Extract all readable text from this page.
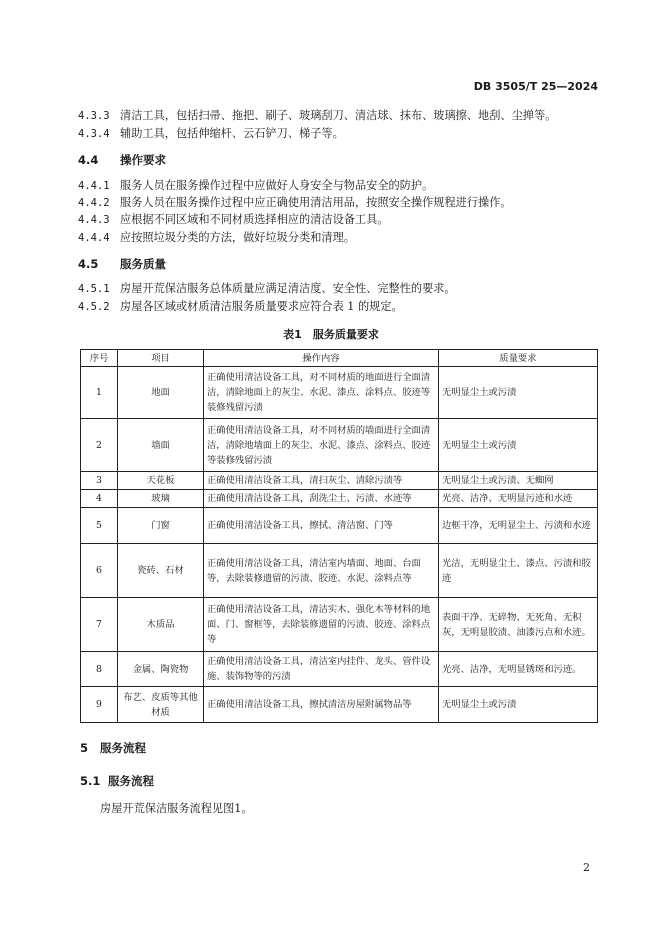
DB 3505/T 25—2024
4.3.3 清洁工具，包括扫帚、拖把、刷子、玻璃刮刀、清洁球、抹布、玻璃擦、地刮、尘掸等。
4.3.4 辅助工具，包括伸缩杆、云石铲刀、梯子等。
4.4 操作要求
4.4.1 服务人员在服务操作过程中应做好人身安全与物品安全的防护。
4.4.2 服务人员在服务操作过程中应正确使用清洁用品，按照安全操作规程进行操作。
4.4.3 应根据不同区域和不同材质选择相应的清洁设备工具。
4.4.4 应按照垃圾分类的方法，做好垃圾分类和清理。
4.5 服务质量
4.5.1 房屋开荒保洁服务总体质量应满足清洁度、安全性、完整性的要求。
4.5.2 房屋各区域或材质清洁服务质量要求应符合表 1 的规定。
表1　服务质量要求
序号	项目	操作内容	质量要求
1	地面	正确使用清洁设备工具，对不同材质的地面进行全面清洁，清除地面上的灰尘、水泥、漆点、涂料点、胶迹等装修残留污渍	无明显尘土或污渍
2	墙面	正确使用清洁设备工具，对不同材质的墙面进行全面清洁，清除地墙面上的灰尘、水泥、漆点、涂料点、胶迹等装修残留污渍	无明显尘土或污渍
3	天花板	正确使用清洁设备工具，清扫灰尘、清除污渍等	无明显尘土或污渍、无蜘网
4	玻璃	正确使用清洁设备工具，刮洗尘土、污渍、水迹等	光亮、洁净、无明显污迹和水迹
5	门窗	正确使用清洁设备工具，擦拭、清洁窗、门等	边框干净，无明显尘土、污渍和水迹
6	瓷砖、石材	正确使用清洁设备工具，清洁室内墙面、地面、台面等，去除装修遗留的污渍、胶迹、水泥、涂料点等	光洁，无明显尘土、漆点、污渍和胶迹
7	木质品	正确使用清洁设备工具，清洁实木、强化木等材料的地面、门、窗框等，去除装修遗留的污渍、胶迹、涂料点等	表面干净、无碎物、无死角、无积灰，无明显胶渍、油漆污点和水迹。
8	金属、陶瓷物	正确使用清洁设备工具，清洁室内挂件、龙头、管件设施、装饰物等的污渍	光亮、洁净，无明显锈斑和污迹。
9	布艺、皮质等其他材质	正确使用清洁设备工具，擦拭清洁房屋附属物品等	无明显尘土或污渍
5 服务流程
5.1 服务流程
房屋开荒保洁服务流程见图1。
2
